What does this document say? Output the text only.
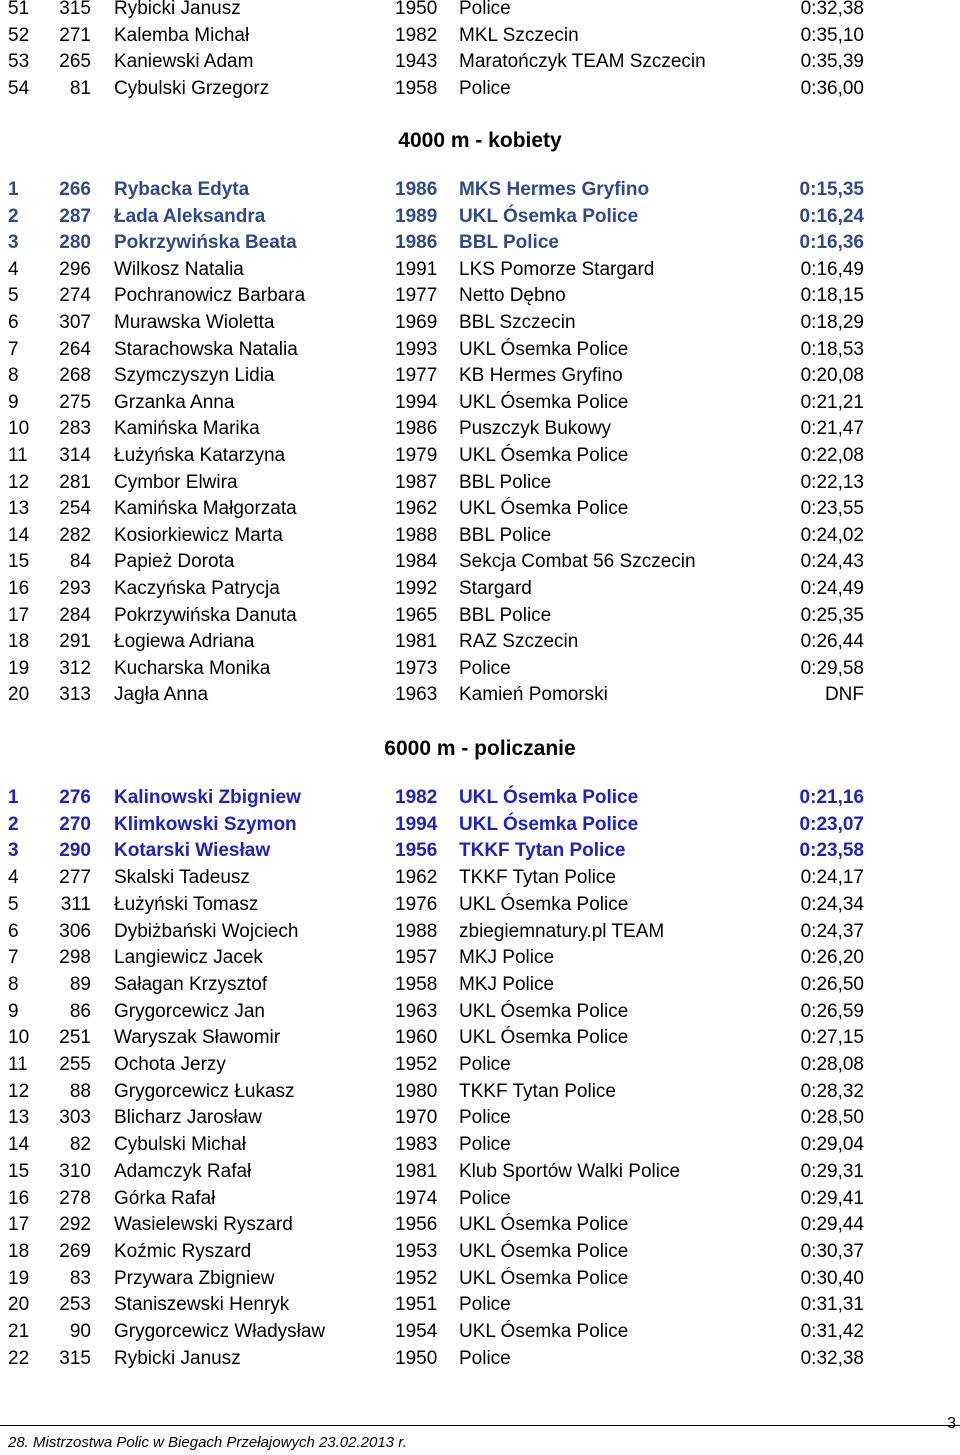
51 315 Rybicki Janusz	1950 Police	0:32,38
52 271 Kalemba Michał	1982 MKL Szczecin	0:35,10
53 265 Kaniewski Adam	1943 Maratończyk TEAM Szczecin	0:35,39
54	81 Cybulski Grzegorz	1958 Police	0:36,00
4000 m - kobiety
1 266 Rybacka Edyta	1986 MKS Hermes Gryfino	0:15,35
2 287 Łada Aleksandra	1989 UKL Ósemka Police	0:16,24
3 280 Pokrzywińska Beata	1986 BBL Police	0:16,36
4 296 Wilkosz Natalia	1991 LKS Pomorze Stargard	0:16,49
5 274 Pochranowicz Barbara	1977 Netto Dębno	0:18,15
6 307 Murawska Wioletta	1969 BBL Szczecin	0:18,29
7 264 Starachowska Natalia	1993 UKL Ósemka Police	0:18,53
8 268 Szymczyszyn Lidia	1977 KB Hermes Gryfino	0:20,08
9 275 Grzanka Anna	1994 UKL Ósemka Police	0:21,21
10 283 Kamińska Marika	1986 Puszczyk Bukowy	0:21,47
11 314 Łużyńska Katarzyna	1979 UKL Ósemka Police	0:22,08
12 281 Cymbor Elwira	1987 BBL Police	0:22,13
13 254 Kamińska Małgorzata	1962 UKL Ósemka Police	0:23,55
14 282 Kosiorkiewicz Marta	1988 BBL Police	0:24,02
15	84 Papież Dorota	1984 Sekcja Combat 56 Szczecin	0:24,43
16 293 Kaczyńska Patrycja	1992 Stargard	0:24,49
17 284 Pokrzywińska Danuta	1965 BBL Police	0:25,35
18 291 Łogiewa Adriana	1981 RAZ Szczecin	0:26,44
19 312 Kucharska Monika	1973 Police	0:29,58
20 313 Jagła Anna	1963 Kamień Pomorski	DNF
6000 m - policzanie
1 276 Kalinowski Zbigniew	1982 UKL Ósemka Police	0:21,16
2 270 Klimkowski Szymon	1994 UKL Ósemka Police	0:23,07
3 290 Kotarski Wiesław	1956 TKKF Tytan Police	0:23,58
4 277 Skalski Tadeusz	1962 TKKF Tytan Police	0:24,17
5	311 Łużyński Tomasz	1976 UKL Ósemka Police	0:24,34
6 306 Dybiżbański Wojciech	1988 zbiegiemnatury.pl TEAM	0:24,37
7 298 Langiewicz Jacek	1957 MKJ Police	0:26,20
8	89 Sałagan Krzysztof	1958 MKJ Police	0:26,50
9	86 Grygorcewicz Jan	1963 UKL Ósemka Police	0:26,59
10 251 Waryszak Sławomir	1960 UKL Ósemka Police	0:27,15
11 255 Ochota Jerzy	1952 Police	0:28,08
12	88 Grygorcewicz Łukasz	1980 TKKF Tytan Police	0:28,32
13 303 Blicharz Jarosław	1970 Police	0:28,50
14	82 Cybulski Michał	1983 Police	0:29,04
15 310 Adamczyk Rafał	1981 Klub Sportów Walki Police	0:29,31
16 278 Górka Rafał	1974 Police	0:29,41
17 292 Wasielewski Ryszard	1956 UKL Ósemka Police	0:29,44
18 269 Koźmic Ryszard	1953 UKL Ósemka Police	0:30,37
19	83 Przywara Zbigniew	1952 UKL Ósemka Police	0:30,40
20 253 Staniszewski Henryk	1951 Police	0:31,31
21	90 Grygorcewicz Władysław	1954 UKL Ósemka Police	0:31,42
22 315 Rybicki Janusz	1950 Police	0:32,38
28. Mistrzostwa Polic w Biegach Przełajowych 23.02.2013 r.
3
